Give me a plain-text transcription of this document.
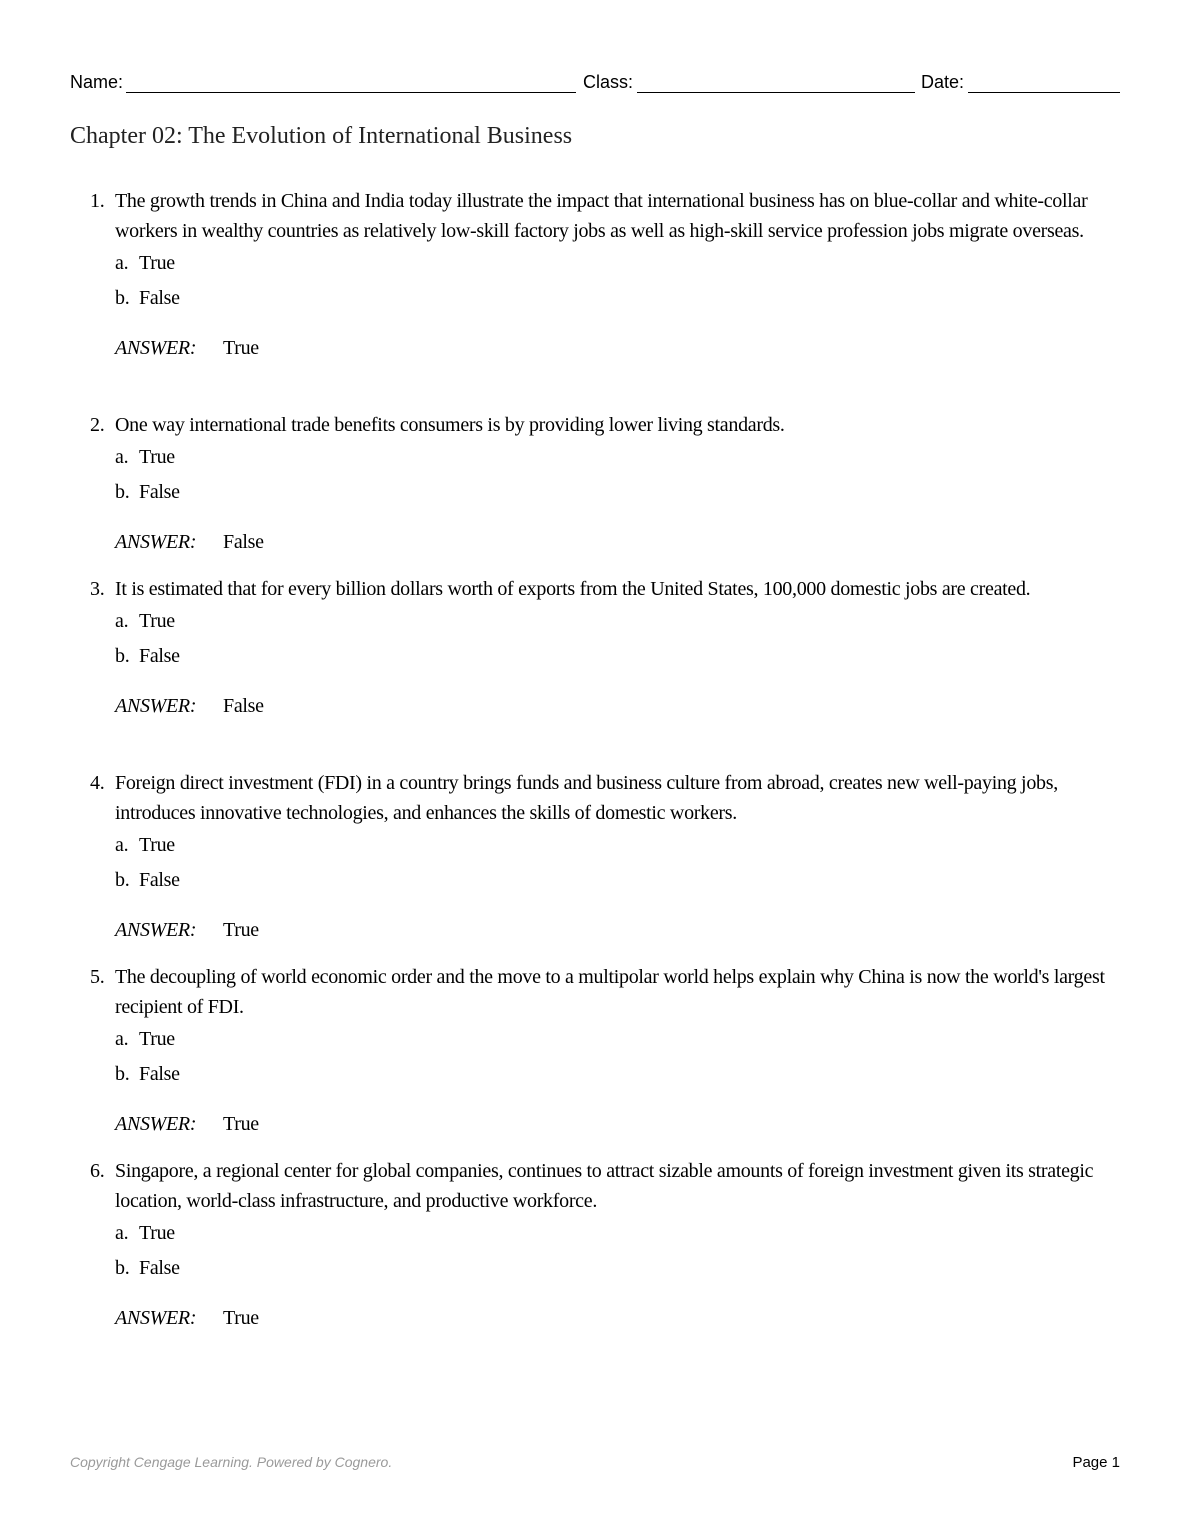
Name:	Class:	Date:
Chapter 02: The Evolution of International Business
1. The growth trends in China and India today illustrate the impact that international business has on blue-collar and white-collar workers in wealthy countries as relatively low-skill factory jobs as well as high-skill service profession jobs migrate overseas.
a. True
b. False
ANSWER: True
2. One way international trade benefits consumers is by providing lower living standards.
a. True
b. False
ANSWER: False
3. It is estimated that for every billion dollars worth of exports from the United States, 100,000 domestic jobs are created.
a. True
b. False
ANSWER: False
4. Foreign direct investment (FDI) in a country brings funds and business culture from abroad, creates new well-paying jobs, introduces innovative technologies, and enhances the skills of domestic workers.
a. True
b. False
ANSWER: True
5. The decoupling of world economic order and the move to a multipolar world helps explain why China is now the world's largest recipient of FDI.
a. True
b. False
ANSWER: True
6. Singapore, a regional center for global companies, continues to attract sizable amounts of foreign investment given its strategic location, world-class infrastructure, and productive workforce.
a. True
b. False
ANSWER: True
Copyright Cengage Learning. Powered by Cognero.	Page 1
